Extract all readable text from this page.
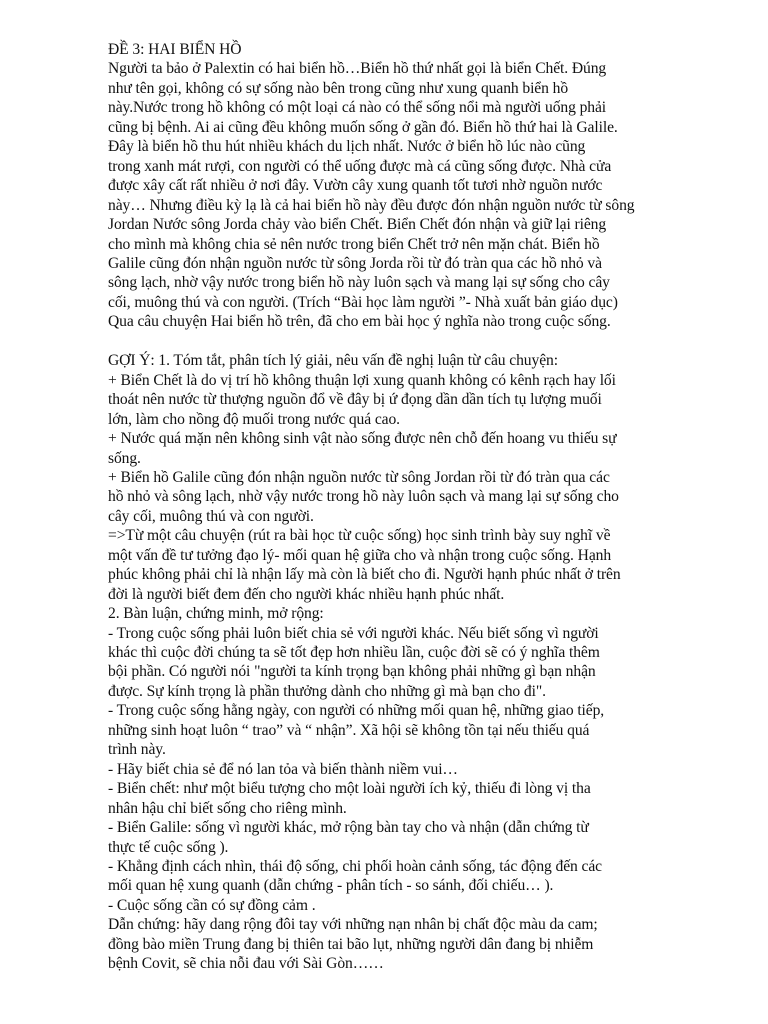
ĐỀ 3: HAI BIỂN HỒ
Người ta bảo ở Palextin có hai biển hồ…Biển hồ thứ nhất gọi là biển Chết. Đúng
như tên gọi, không có sự sống nào bên trong cũng như xung quanh biển hồ
này.Nước trong hồ không có một loại cá nào có thể sống nổi mà người uống phải
cũng bị bệnh. Ai ai cũng đều không muốn sống ở gần đó. Biển hồ thứ hai là Galile.
Đây là biển hồ thu hút nhiều khách du lịch nhất. Nước ở biển hồ lúc nào cũng
trong xanh mát rượi, con người có thể uống được mà cá cũng sống được. Nhà cửa
được xây cất rất nhiều ở nơi đây. Vườn cây xung quanh tốt tươi nhờ nguồn nước
này… Nhưng điều kỳ lạ là cả hai biển hồ này đều được đón nhận nguồn nước từ sông
Jordan Nước sông Jorda chảy vào biển Chết. Biển Chết đón nhận và giữ lại riêng
cho mình mà không chia sẻ nên nước trong biển Chết trở nên mặn chát. Biển hồ
Galile cũng đón nhận nguồn nước từ sông Jorda rồi từ đó tràn qua các hồ nhỏ và
sông lạch, nhờ vậy nước trong biển hồ này luôn sạch và mang lại sự sống cho cây
cối, muông thú và con người. (Trích “Bài học làm người ”- Nhà xuất bản giáo dục)
Qua câu chuyện Hai biển hồ trên, đã cho em bài học ý nghĩa nào trong cuộc sống.
GỢI Ý: 1. Tóm tắt, phân tích lý giải, nêu vấn đề nghị luận từ câu chuyện:
+ Biển Chết là do vị trí hồ không thuận lợi xung quanh không có kênh rạch hay lối
thoát nên nước từ thượng nguồn đổ về đây bị ứ đọng dần dần tích tụ lượng muối
lớn, làm cho nồng độ muối trong nước quá cao.
+ Nước quá mặn nên không sinh vật nào sống được nên chỗ đến hoang vu thiếu sự
sống.
+ Biển hồ Galile cũng đón nhận nguồn nước từ sông Jordan rồi từ đó tràn qua các
hồ nhỏ và sông lạch, nhờ vậy nước trong hồ này luôn sạch và mang lại sự sống cho
cây cối, muông thú và con người.
=>Từ một câu chuyện (rút ra bài học từ cuộc sống) học sinh trình bày suy nghĩ về
một vấn đề tư tưởng đạo lý- mối quan hệ giữa cho và nhận trong cuộc sống. Hạnh
phúc không phải chỉ là nhận lấy mà còn là biết cho đi. Người hạnh phúc nhất ở trên
đời là người biết đem đến cho người khác nhiều hạnh phúc nhất.
2. Bàn luận, chứng minh, mở rộng:
- Trong cuộc sống phải luôn biết chia sẻ với người khác. Nếu biết sống vì người
khác thì cuộc đời chúng ta sẽ tốt đẹp hơn nhiều lần, cuộc đời sẽ có ý nghĩa thêm
bội phần. Có người nói "người ta kính trọng bạn không phải những gì bạn nhận
được. Sự kính trọng là phần thưởng dành cho những gì mà bạn cho đi".
- Trong cuộc sống hằng ngày, con người có những mối quan hệ, những giao tiếp,
những sinh hoạt luôn “ trao” và “ nhận”. Xã hội sẽ không tồn tại nếu thiếu quá
trình này.
- Hãy biết chia sẻ để nó lan tỏa và biến thành niềm vui…
- Biển chết: như một biểu tượng cho một loài người ích kỷ, thiếu đi lòng vị tha
nhân hậu chỉ biết sống cho riêng mình.
- Biển Galile: sống vì người khác, mở rộng bàn tay cho và nhận (dẫn chứng từ
thực tế cuộc sống ).
- Khẳng định cách nhìn, thái độ sống, chi phối hoàn cảnh sống, tác động đến các
mối quan hệ xung quanh (dẫn chứng - phân tích - so sánh, đối chiếu… ).
- Cuộc sống cần có sự đồng cảm .
Dẫn chứng: hãy dang rộng đôi tay với những nạn nhân bị chất độc màu da cam;
đồng bào miền Trung đang bị thiên tai bão lụt, những người dân đang bị nhiễm
bệnh Covit, sẽ chia nỗi đau với Sài Gòn……
